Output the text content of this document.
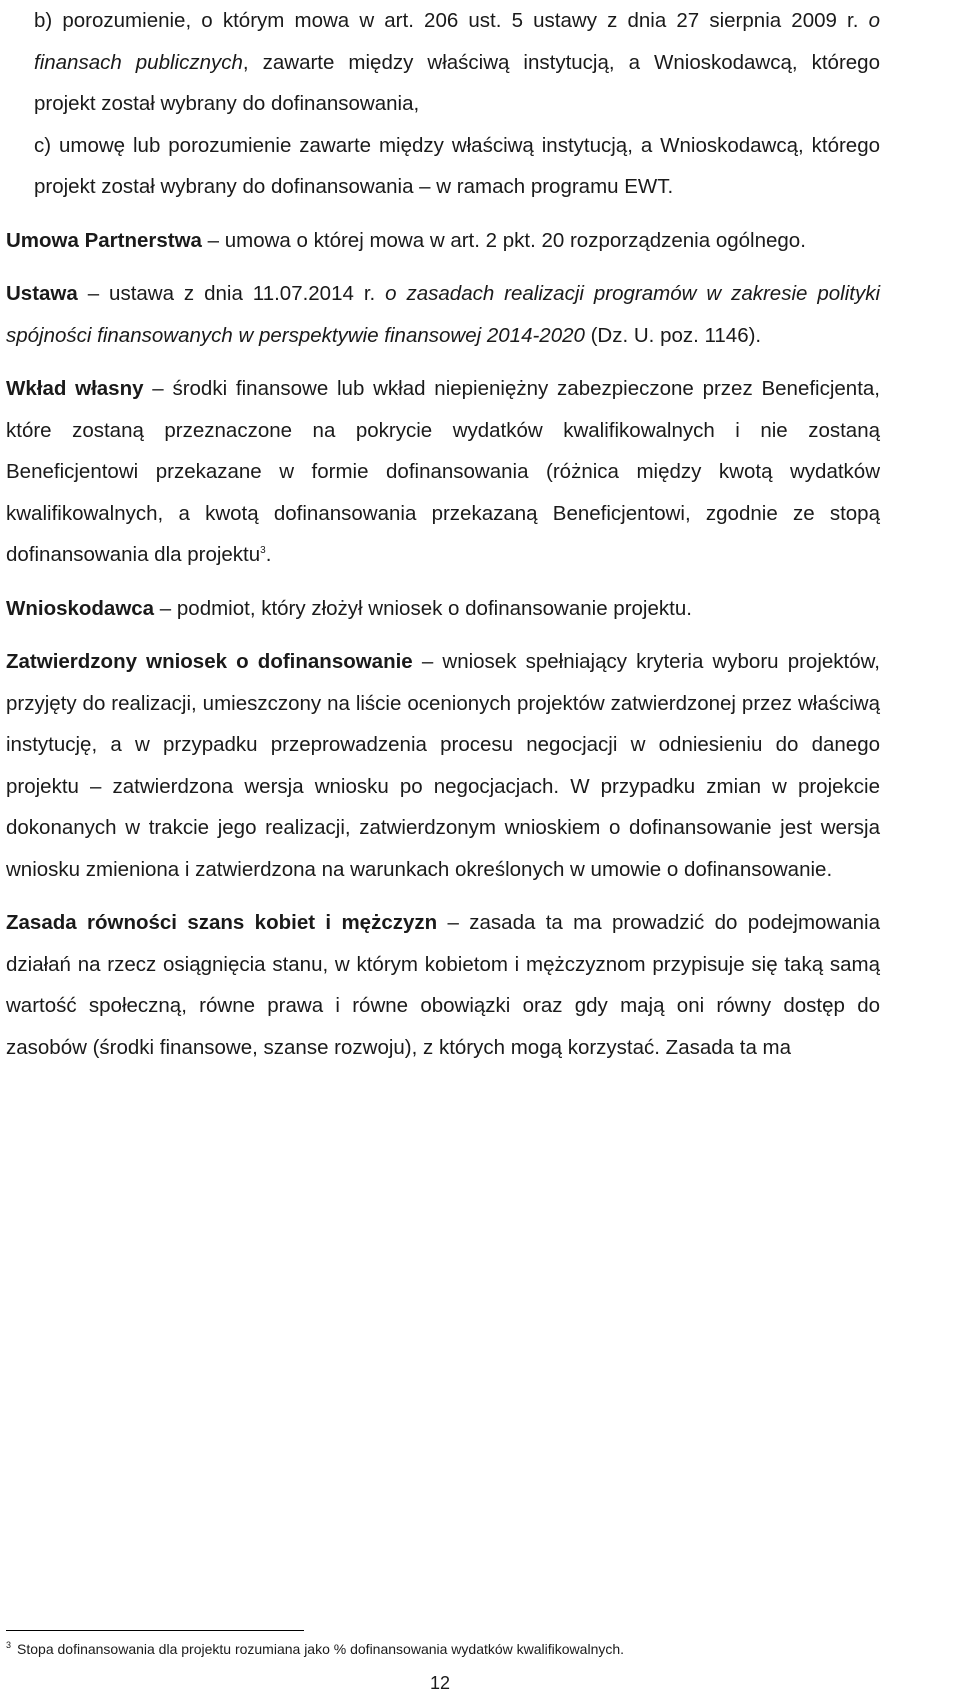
b) porozumienie, o którym mowa w art. 206 ust. 5 ustawy z dnia 27 sierpnia 2009 r. o finansach publicznych, zawarte między właściwą instytucją, a Wnioskodawcą, którego projekt został wybrany do dofinansowania,

c) umowę lub porozumienie zawarte między właściwą instytucją, a Wnioskodawcą, którego projekt został wybrany do dofinansowania – w ramach programu EWT.

Umowa Partnerstwa – umowa o której mowa w art. 2 pkt. 20 rozporządzenia ogólnego.

Ustawa – ustawa z dnia 11.07.2014 r. o zasadach realizacji programów w zakresie polityki spójności finansowanych w perspektywie finansowej 2014-2020 (Dz. U. poz. 1146).

Wkład własny – środki finansowe lub wkład niepieniężny zabezpieczone przez Beneficjenta, które zostaną przeznaczone na pokrycie wydatków kwalifikowalnych i nie zostaną Beneficjentowi przekazane w formie dofinansowania (różnica między kwotą wydatków kwalifikowalnych, a kwotą dofinansowania przekazaną Beneficjentowi, zgodnie ze stopą dofinansowania dla projektu$^3$.

Wnioskodawca – podmiot, który złożył wniosek o dofinansowanie projektu.

Zatwierdzony wniosek o dofinansowanie – wniosek spełniający kryteria wyboru projektów, przyjęty do realizacji, umieszczony na liście ocenionych projektów zatwierdzonej przez właściwą instytucję, a w przypadku przeprowadzenia procesu negocjacji w odniesieniu do danego projektu – zatwierdzona wersja wniosku po negocjacjach. W przypadku zmian w projekcie dokonanych w trakcie jego realizacji, zatwierdzonym wnioskiem o dofinansowanie jest wersja wniosku zmieniona i zatwierdzona na warunkach określonych w umowie o dofinansowanie.

Zasada równości szans kobiet i mężczyzn – zasada ta ma prowadzić do podejmowania działań na rzecz osiągnięcia stanu, w którym kobietom i mężczyznom przypisuje się taką samą wartość społeczną, równe prawa i równe obowiązki oraz gdy mają oni równy dostęp do zasobów (środki finansowe, szanse rozwoju), z których mogą korzystać. Zasada ta ma

$^3$ Stopa dofinansowania dla projektu rozumiana jako % dofinansowania wydatków kwalifikowalnych.
12
